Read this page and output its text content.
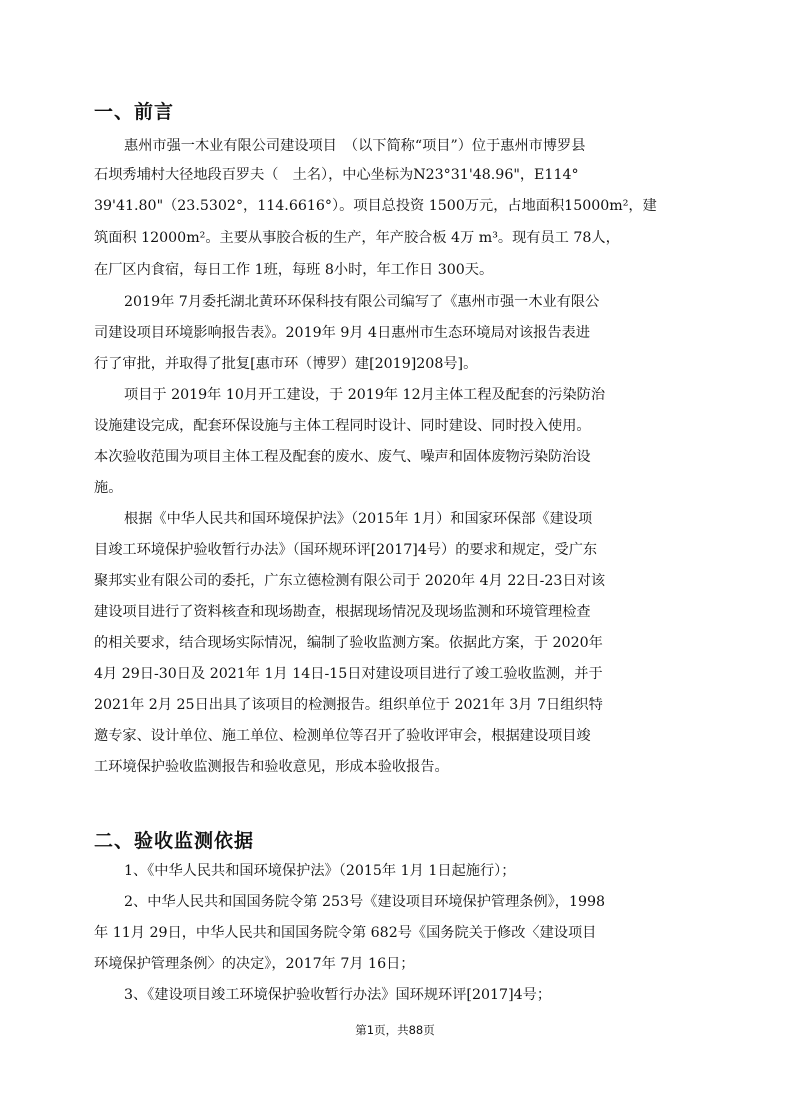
一、前言
惠州市强一木业有限公司建设项目　（以下简称“项目”）位于惠州市博罗县
石坝秀埔村大径地段百罗夫（　土名），中心坐标为N23°31'48.96"，E114°
39'41.80"（23.5302°，114.6616°）。项目总投资 1500万元，占地面积15000m²，建
筑面积 12000m²。主要从事胶合板的生产，年产胶合板 4万 m³。现有员工 78人，
在厂区内食宿，每日工作 1班，每班 8小时，年工作日 300天。
2019年 7月委托湖北黄环环保科技有限公司编写了《惠州市强一木业有限公
司建设项目环境影响报告表》。2019年 9月 4日惠州市生态环境局对该报告表进
行了审批，并取得了批复[惠市环（博罗）建[2019]208号]。
项目于 2019年 10月开工建设，于 2019年 12月主体工程及配套的污染防治
设施建设完成，配套环保设施与主体工程同时设计、同时建设、同时投入使用。
本次验收范围为项目主体工程及配套的废水、废气、噪声和固体废物污染防治设
施。
根据《中华人民共和国环境保护法》（2015年 1月）和国家环保部《建设项
目竣工环境保护验收暂行办法》（国环规环评[2017]4号）的要求和规定，受广东
聚邦实业有限公司的委托，广东立德检测有限公司于 2020年 4月 22日-23日对该
建设项目进行了资料核查和现场勘查，根据现场情况及现场监测和环境管理检查
的相关要求，结合现场实际情况，编制了验收监测方案。依据此方案，于 2020年
4月 29日-30日及 2021年 1月 14日-15日对建设项目进行了竣工验收监测，并于
2021年 2月 25日出具了该项目的检测报告。组织单位于 2021年 3月 7日组织特
邀专家、设计单位、施工单位、检测单位等召开了验收评审会，根据建设项目竣
工环境保护验收监测报告和验收意见，形成本验收报告。
二、验收监测依据
1、《中华人民共和国环境保护法》（2015年 1月 1日起施行）；
2、中华人民共和国国务院令第 253号《建设项目环境保护管理条例》，1998
年 11月 29日，中华人民共和国国务院令第 682号《国务院关于修改〈建设项目
环境保护管理条例〉的决定》，2017年 7月 16日；
3、《建设项目竣工环境保护验收暂行办法》国环规环评[2017]4号；
第1页，共88页
